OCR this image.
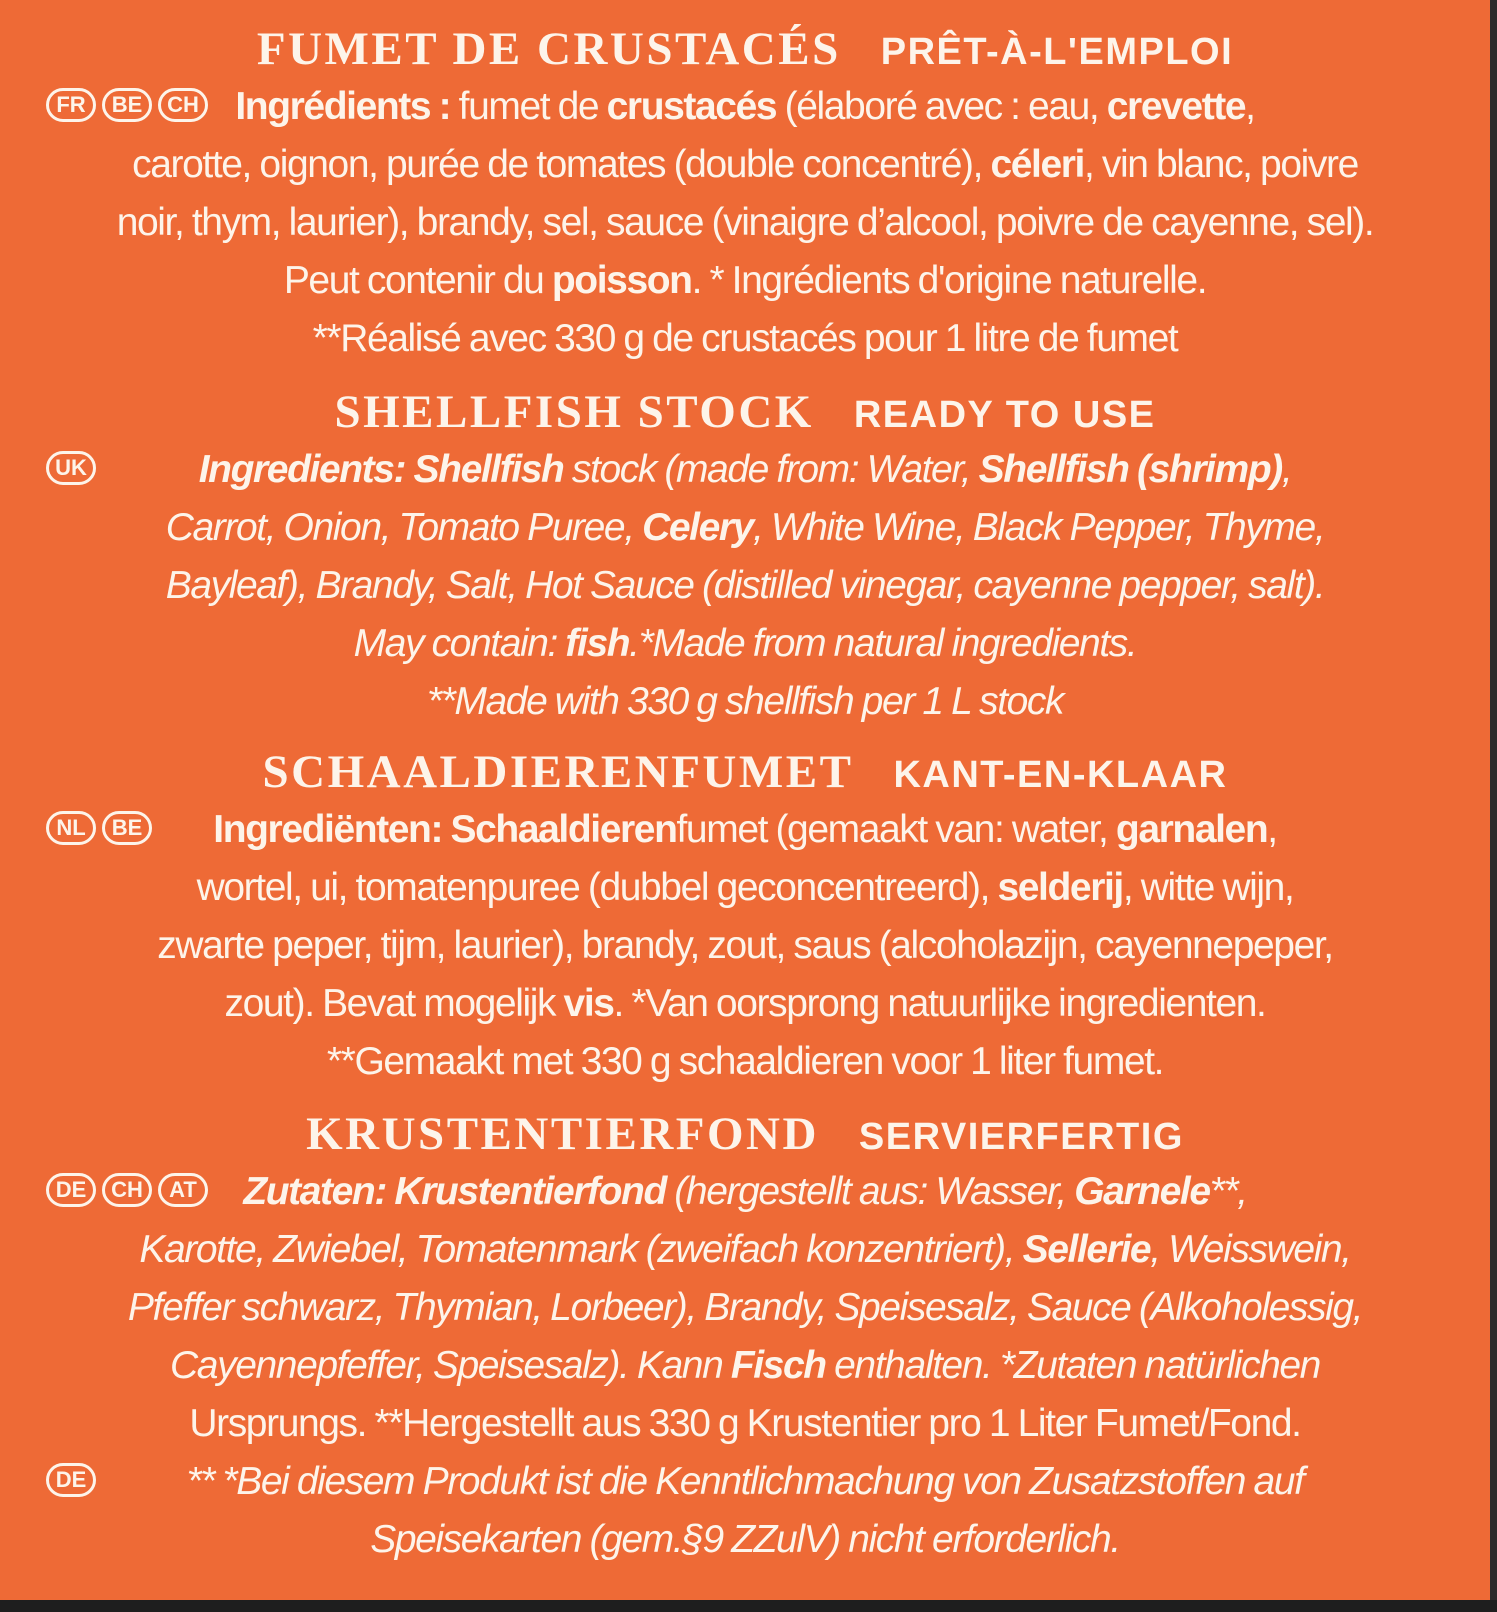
FUMET DE CRUSTACÉS PRÊT-À-L'EMPLOI
FR	BE	CH Ingrédients : fumet de crustacés (élaboré avec : eau, crevette,
carotte, oignon, purée de tomates (double concentré), céleri, vin blanc, poivre
noir, thym, laurier), brandy, sel, sauce (vinaigre d’alcool, poivre de cayenne, sel).
Peut contenir du poisson. * Ingrédients d'origine naturelle.
**Réalisé avec 330 g de crustacés pour 1 litre de fumet
SHELLFISH STOCK READY TO USE
UK	Ingredients: Shellfish stock (made from: Water, Shellfish (shrimp),
Carrot, Onion, Tomato Puree, Celery, White Wine, Black Pepper, Thyme,
Bayleaf), Brandy, Salt, Hot Sauce (distilled vinegar, cayenne pepper, salt).
May contain: fish.*Made from natural ingredients.
**Made with 330 g shellfish per 1 L stock
SCHAALDIERENFUMET KANT-EN-KLAAR
NL	BE	Ingrediënten: Schaaldierenfumet (gemaakt van: water, garnalen,
wortel, ui, tomatenpuree (dubbel geconcentreerd), selderij, witte wijn,
zwarte peper, tijm, laurier), brandy, zout, saus (alcoholazijn, cayennepeper,
zout). Bevat mogelijk vis. *Van oorsprong natuurlijke ingredienten.
**Gemaakt met 330 g schaaldieren voor 1 liter fumet.
KRUSTENTIERFOND SERVIERFERTIG
DE	CH	AT
DE
Zutaten: Krustentierfond (hergestellt aus: Wasser, Garnele**,
Karotte, Zwiebel, Tomatenmark (zweifach konzentriert), Sellerie, Weisswein,
Pfeffer schwarz, Thymian, Lorbeer), Brandy, Speisesalz, Sauce (Alkoholessig,
Cayennepfeffer, Speisesalz). Kann Fisch enthalten. *Zutaten natürlichen
Ursprungs. **Hergestellt aus 330 g Krustentier pro 1 Liter Fumet/Fond.
** *Bei diesem Produkt ist die Kenntlichmachung von Zusatzstoffen auf
Speisekarten (gem.§9 ZZulV) nicht erforderlich.
